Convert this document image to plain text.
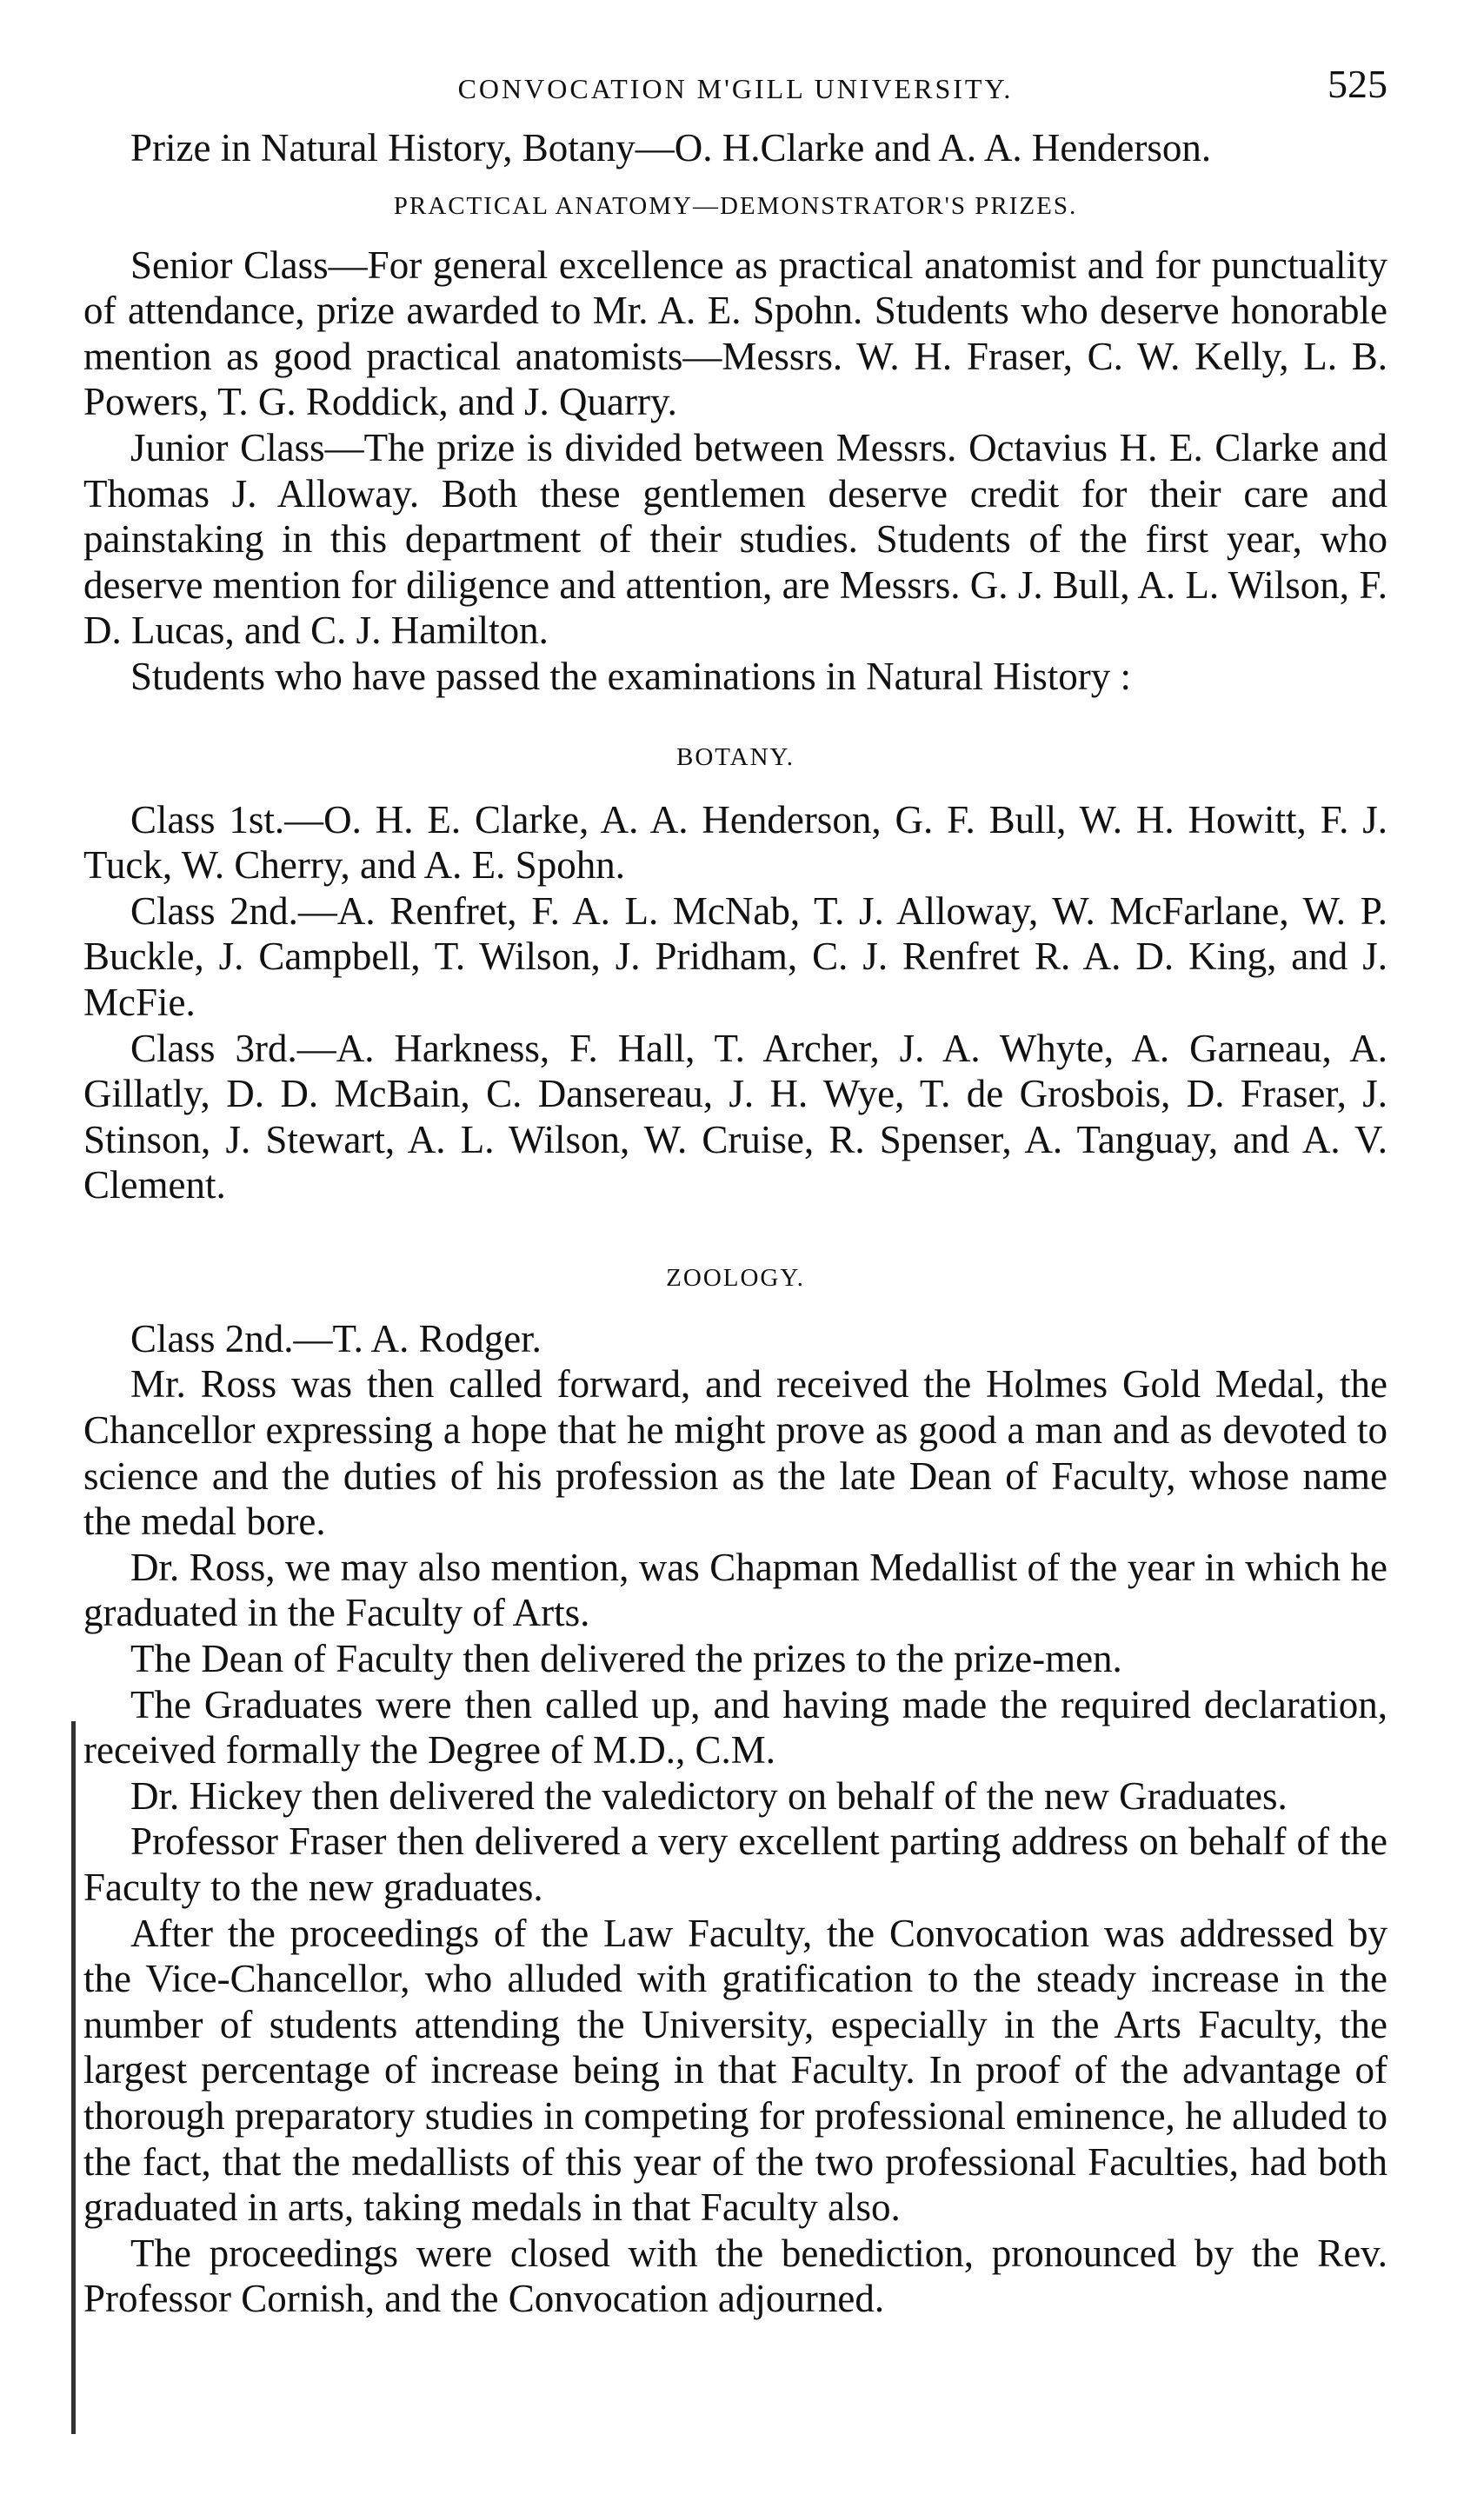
CONVOCATION M'GILL UNIVERSITY.	525

Prize in Natural History, Botany—O. H.Clarke and A. A. Henderson.

PRACTICAL ANATOMY—DEMONSTRATOR'S PRIZES.

Senior Class—For general excellence as practical anatomist and for punctuality of attendance, prize awarded to Mr. A. E. Spohn. Students who deserve honorable mention as good practical anatomists—Messrs. W. H. Fraser, C. W. Kelly, L. B. Powers, T. G. Roddick, and J. Quarry.

Junior Class—The prize is divided between Messrs. Octavius H. E. Clarke and Thomas J. Alloway. Both these gentlemen deserve credit for their care and painstaking in this department of their studies. Students of the first year, who deserve mention for diligence and attention, are Messrs. G. J. Bull, A. L. Wilson, F. D. Lucas, and C. J. Hamilton.

Students who have passed the examinations in Natural History :

BOTANY.

Class 1st.—O. H. E. Clarke, A. A. Henderson, G. F. Bull, W. H. Howitt, F. J. Tuck, W. Cherry, and A. E. Spohn.

Class 2nd.—A. Renfret, F. A. L. McNab, T. J. Alloway, W. McFarlane, W. P. Buckle, J. Campbell, T. Wilson, J. Pridham, C. J. Renfret R. A. D. King, and J. McFie.

Class 3rd.—A. Harkness, F. Hall, T. Archer, J. A. Whyte, A. Garneau, A. Gillatly, D. D. McBain, C. Dansereau, J. H. Wye, T. de Grosbois, D. Fraser, J. Stinson, J. Stewart, A. L. Wilson, W. Cruise, R. Spenser, A. Tanguay, and A. V. Clement.

ZOOLOGY.

Class 2nd.—T. A. Rodger.

Mr. Ross was then called forward, and received the Holmes Gold Medal, the Chancellor expressing a hope that he might prove as good a man and as devoted to science and the duties of his profession as the late Dean of Faculty, whose name the medal bore.

Dr. Ross, we may also mention, was Chapman Medallist of the year in which he graduated in the Faculty of Arts.

The Dean of Faculty then delivered the prizes to the prize-men.

The Graduates were then called up, and having made the required declaration, received formally the Degree of M.D., C.M.

Dr. Hickey then delivered the valedictory on behalf of the new Graduates.

Professor Fraser then delivered a very excellent parting address on behalf of the Faculty to the new graduates.

After the proceedings of the Law Faculty, the Convocation was addressed by the Vice-Chancellor, who alluded with gratification to the steady increase in the number of students attending the University, especially in the Arts Faculty, the largest percentage of increase being in that Faculty. In proof of the advantage of thorough preparatory studies in competing for professional eminence, he alluded to the fact, that the medallists of this year of the two professional Faculties, had both graduated in arts, taking medals in that Faculty also.

The proceedings were closed with the benediction, pronounced by the Rev. Professor Cornish, and the Convocation adjourned.
